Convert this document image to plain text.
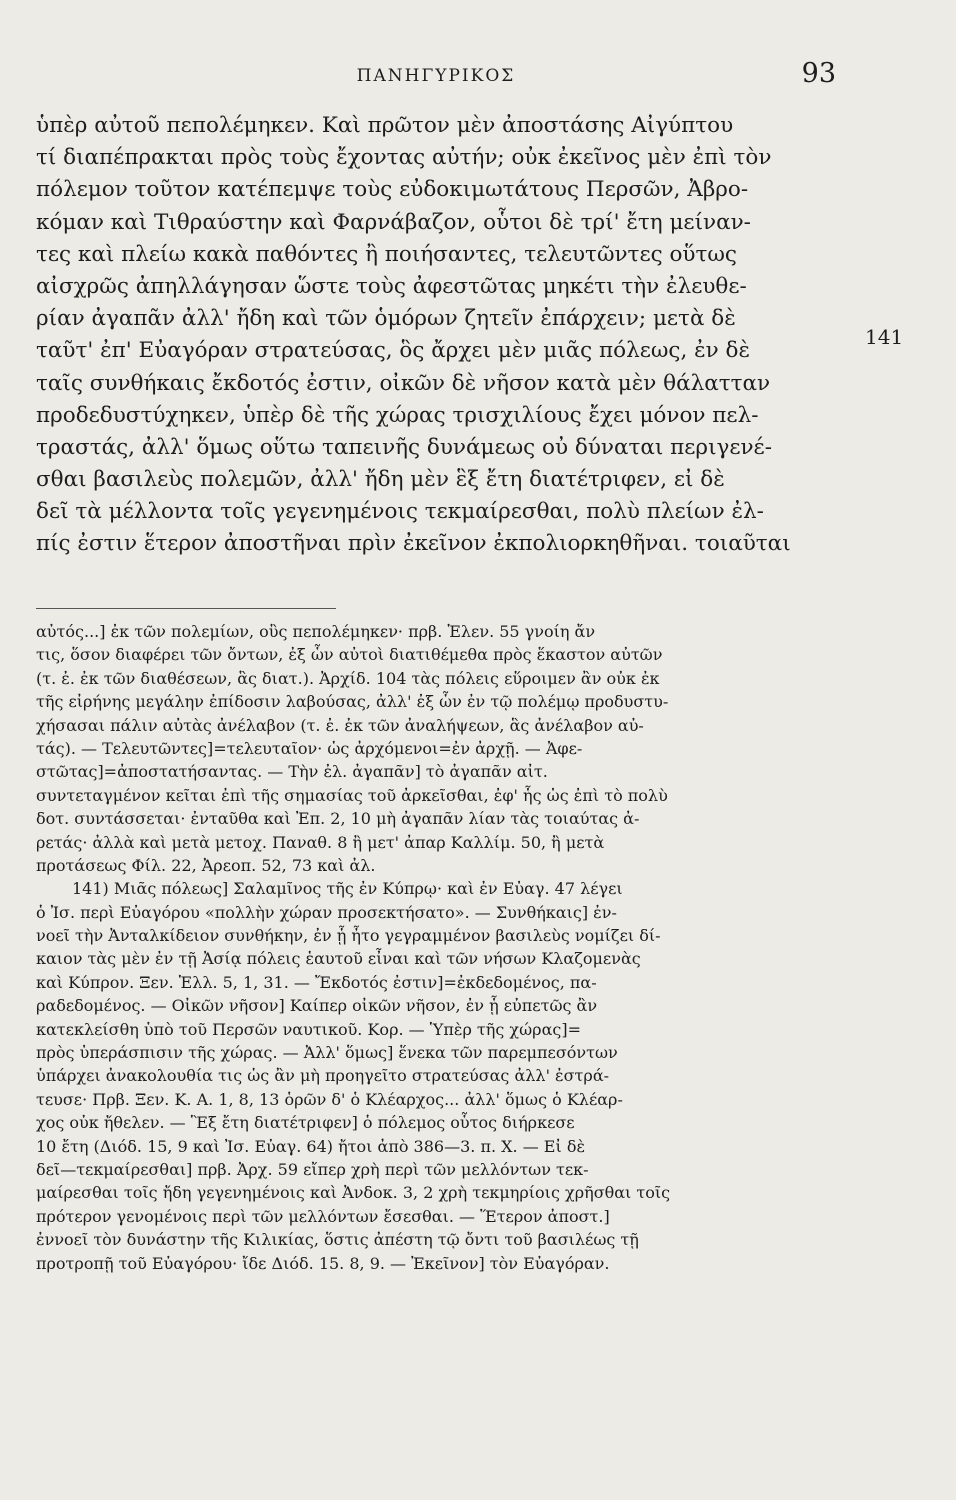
ΠΑΝΗΓΥΡΙΚΟΣ	93
ὑπὲρ αὐτοῦ πεπολέμηκεν. Καὶ πρῶτον μὲν ἀποστάσης Αἰγύπτου
τί διαπέπρακται πρὸς τοὺς ἔχοντας αὐτήν; οὐκ ἐκεῖνος μὲν ἐπὶ τὸν
πόλεμον τοῦτον κατέπεμψε τοὺς εὐδοκιμωτάτους Περσῶν, Ἀβρο-
κόμαν καὶ Τιθραύστην καὶ Φαρνάβαζον, οὗτοι δὲ τρί' ἔτη μείναν-
τες καὶ πλείω κακὰ παθόντες ἢ ποιήσαντες, τελευτῶντες οὕτως
αἰσχρῶς ἀπηλλάγησαν ὥστε τοὺς ἀφεστῶτας μηκέτι τὴν ἐλευθε-
ρίαν ἀγαπᾶν ἀλλ' ἤδη καὶ τῶν ὁμόρων ζητεῖν ἐπάρχειν; μετὰ δὲ
ταῦτ' ἐπ' Εὐαγόραν στρατεύσας, ὃς ἄρχει μὲν μιᾶς πόλεως, ἐν δὲ
ταῖς συνθήκαις ἔκδοτός ἐστιν, οἰκῶν δὲ νῆσον κατὰ μὲν θάλατταν
προδεδυστύχηκεν, ὑπὲρ δὲ τῆς χώρας τρισχιλίους ἔχει μόνον πελ-
τραστάς, ἀλλ' ὅμως οὕτω ταπεινῆς δυνάμεως οὐ δύναται περιγενέ-
σθαι βασιλεὺς πολεμῶν, ἀλλ' ἤδη μὲν ἓξ ἔτη διατέτριφεν, εἰ δὲ
δεῖ τὰ μέλλοντα τοῖς γεγενημένοις τεκμαίρεσθαι, πολὺ πλείων ἐλ-
πίς ἐστιν ἕτερον ἀποστῆναι πρὶν ἐκεῖνον ἐκπολιορκηθῆναι. τοιαῦται
141
αὐτός...] ἐκ τῶν πολεμίων, οὓς πεπολέμηκεν· πρβ. Ἑλεν. 55 γνοίη ἄν
τις, ὅσον διαφέρει τῶν ὄντων, ἐξ ὧν αὐτοὶ διατιθέμεθα πρὸς ἕκαστον αὐτῶν
(τ. ἐ. ἐκ τῶν διαθέσεων, ἃς διατ.). Ἀρχίδ. 104 τὰς πόλεις εὕροιμεν ἂν οὐκ ἐκ
τῆς εἰρήνης μεγάλην ἐπίδοσιν λαβούσας, ἀλλ' ἐξ ὧν ἐν τῷ πολέμῳ προδυστυ-
χήσασαι πάλιν αὐτὰς ἀνέλαβον (τ. ἐ. ἐκ τῶν ἀναλήψεων, ἃς ἀνέλαβον αὐ-
τάς). — Τελευτῶντες]=τελευταῖον· ὡς ἀρχόμενοι=ἐν ἀρχῇ. — Ἀφε-
στῶτας]=ἀποστατήσαντας. — Τὴν ἐλ. ἀγαπᾶν] τὸ ἀγαπᾶν αἰτ.
συντεταγμένον κεῖται ἐπὶ τῆς σημασίας τοῦ ἀρκεῖσθαι, ἐφ' ἧς ὡς ἐπὶ τὸ πολὺ
δοτ. συντάσσεται· ἐνταῦθα καὶ Ἐπ. 2, 10 μὴ ἀγαπᾶν λίαν τὰς τοιαύτας ἀ-
ρετάς· ἀλλὰ καὶ μετὰ μετοχ. Παναθ. 8 ἢ μετ' ἀπαρ Καλλίμ. 50, ἢ μετὰ
προτάσεως Φίλ. 22, Ἀρεοπ. 52, 73 καὶ ἀλ.
141) Μιᾶς πόλεως] Σαλαμῖνος τῆς ἐν Κύπρῳ· καὶ ἐν Εὐαγ. 47 λέγει
ὁ Ἰσ. περὶ Εὐαγόρου «πολλὴν χώραν προσεκτήσατο». — Συνθήκαις] ἐν-
νοεῖ τὴν Ἀνταλκίδειον συνθήκην, ἐν ᾗ ἦτο γεγραμμένον βασιλεὺς νομίζει δί-
καιον τὰς μὲν ἐν τῇ Ἀσίᾳ πόλεις ἑαυτοῦ εἶναι καὶ τῶν νήσων Κλαζομενὰς
καὶ Κύπρον. Ξεν. Ἑλλ. 5, 1, 31. — Ἔκδοτός ἐστιν]=ἐκδεδομένος, πα-
ραδεδομένος. — Οἰκῶν νῆσον] Καίπερ οἰκῶν νῆσον, ἐν ᾗ εὐπετῶς ἂν
κατεκλείσθη ὑπὸ τοῦ Περσῶν ναυτικοῦ. Κορ. — Ὑπὲρ τῆς χώρας]=
πρὸς ὑπεράσπισιν τῆς χώρας. — Ἀλλ' ὅμως] ἕνεκα τῶν παρεμπεσόντων
ὑπάρχει ἀνακολουθία τις ὡς ἂν μὴ προηγεῖτο στρατεύσας ἀλλ' ἐστρά-
τευσε· Πρβ. Ξεν. Κ. Α. 1, 8, 13 ὁρῶν δ' ὁ Κλέαρχος... ἀλλ' ὅμως ὁ Κλέαρ-
χος οὐκ ἤθελεν. — Ἓξ ἔτη διατέτριφεν] ὁ πόλεμος οὗτος διήρκεσε
10 ἔτη (Διόδ. 15, 9 καὶ Ἰσ. Εὐαγ. 64) ἤτοι ἀπὸ 386—3. π. Χ. — Εἰ δὲ
δεῖ—τεκμαίρεσθαι] πρβ. Ἀρχ. 59 εἴπερ χρὴ περὶ τῶν μελλόντων τεκ-
μαίρεσθαι τοῖς ἤδη γεγενημένοις καὶ Ἀνδοκ. 3, 2 χρὴ τεκμηρίοις χρῆσθαι τοῖς
πρότερον γενομένοις περὶ τῶν μελλόντων ἔσεσθαι. — Ἕτερον ἀποστ.]
ἐννοεῖ τὸν δυνάστην τῆς Κιλικίας, ὅστις ἀπέστη τῷ ὄντι τοῦ βασιλέως τῇ
προτροπῇ τοῦ Εὐαγόρου· ἴδε Διόδ. 15. 8, 9. — Ἐκεῖνον] τὸν Εὐαγόραν.
